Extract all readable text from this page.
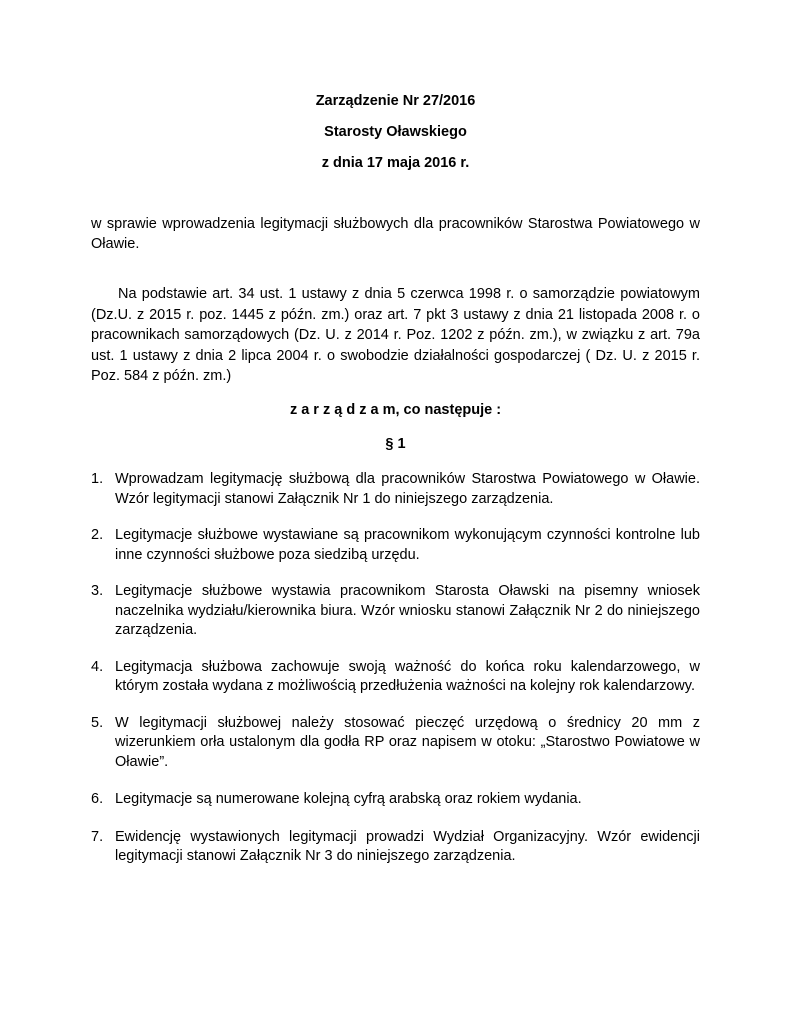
Zarządzenie Nr 27/2016
Starosty Oławskiego
z dnia 17 maja 2016 r.
w sprawie wprowadzenia legitymacji służbowych dla pracowników Starostwa Powiatowego w Oławie.
Na podstawie art. 34 ust. 1 ustawy z dnia 5 czerwca 1998 r. o samorządzie powiatowym (Dz.U. z 2015 r. poz. 1445 z późn. zm.) oraz art. 7 pkt 3 ustawy z dnia 21 listopada 2008 r. o pracownikach samorządowych (Dz. U. z 2014 r. Poz. 1202 z późn. zm.), w związku z art. 79a ust. 1 ustawy z dnia 2 lipca 2004 r. o swobodzie działalności gospodarczej ( Dz. U. z 2015 r. Poz. 584 z późn. zm.)
z a r z ą d z a m, co następuje :
§ 1
1. Wprowadzam legitymację służbową dla pracowników Starostwa Powiatowego w Oławie. Wzór legitymacji stanowi Załącznik Nr 1 do niniejszego zarządzenia.
2. Legitymacje służbowe wystawiane są pracownikom wykonującym czynności kontrolne lub inne czynności służbowe poza siedzibą urzędu.
3. Legitymacje służbowe wystawia pracownikom Starosta Oławski na pisemny wniosek naczelnika wydziału/kierownika biura. Wzór wniosku stanowi Załącznik Nr 2 do niniejszego zarządzenia.
4. Legitymacja służbowa zachowuje swoją ważność do końca roku kalendarzowego, w którym została wydana z możliwością przedłużenia ważności na kolejny rok kalendarzowy.
5. W legitymacji służbowej należy stosować pieczęć urzędową o średnicy 20 mm z wizerunkiem orła ustalonym dla godła RP oraz napisem w otoku: „Starostwo Powiatowe w Oławie”.
6. Legitymacje są numerowane kolejną cyfrą arabską oraz rokiem wydania.
7. Ewidencję wystawionych legitymacji prowadzi Wydział Organizacyjny. Wzór ewidencji legitymacji stanowi Załącznik Nr 3 do niniejszego zarządzenia.
